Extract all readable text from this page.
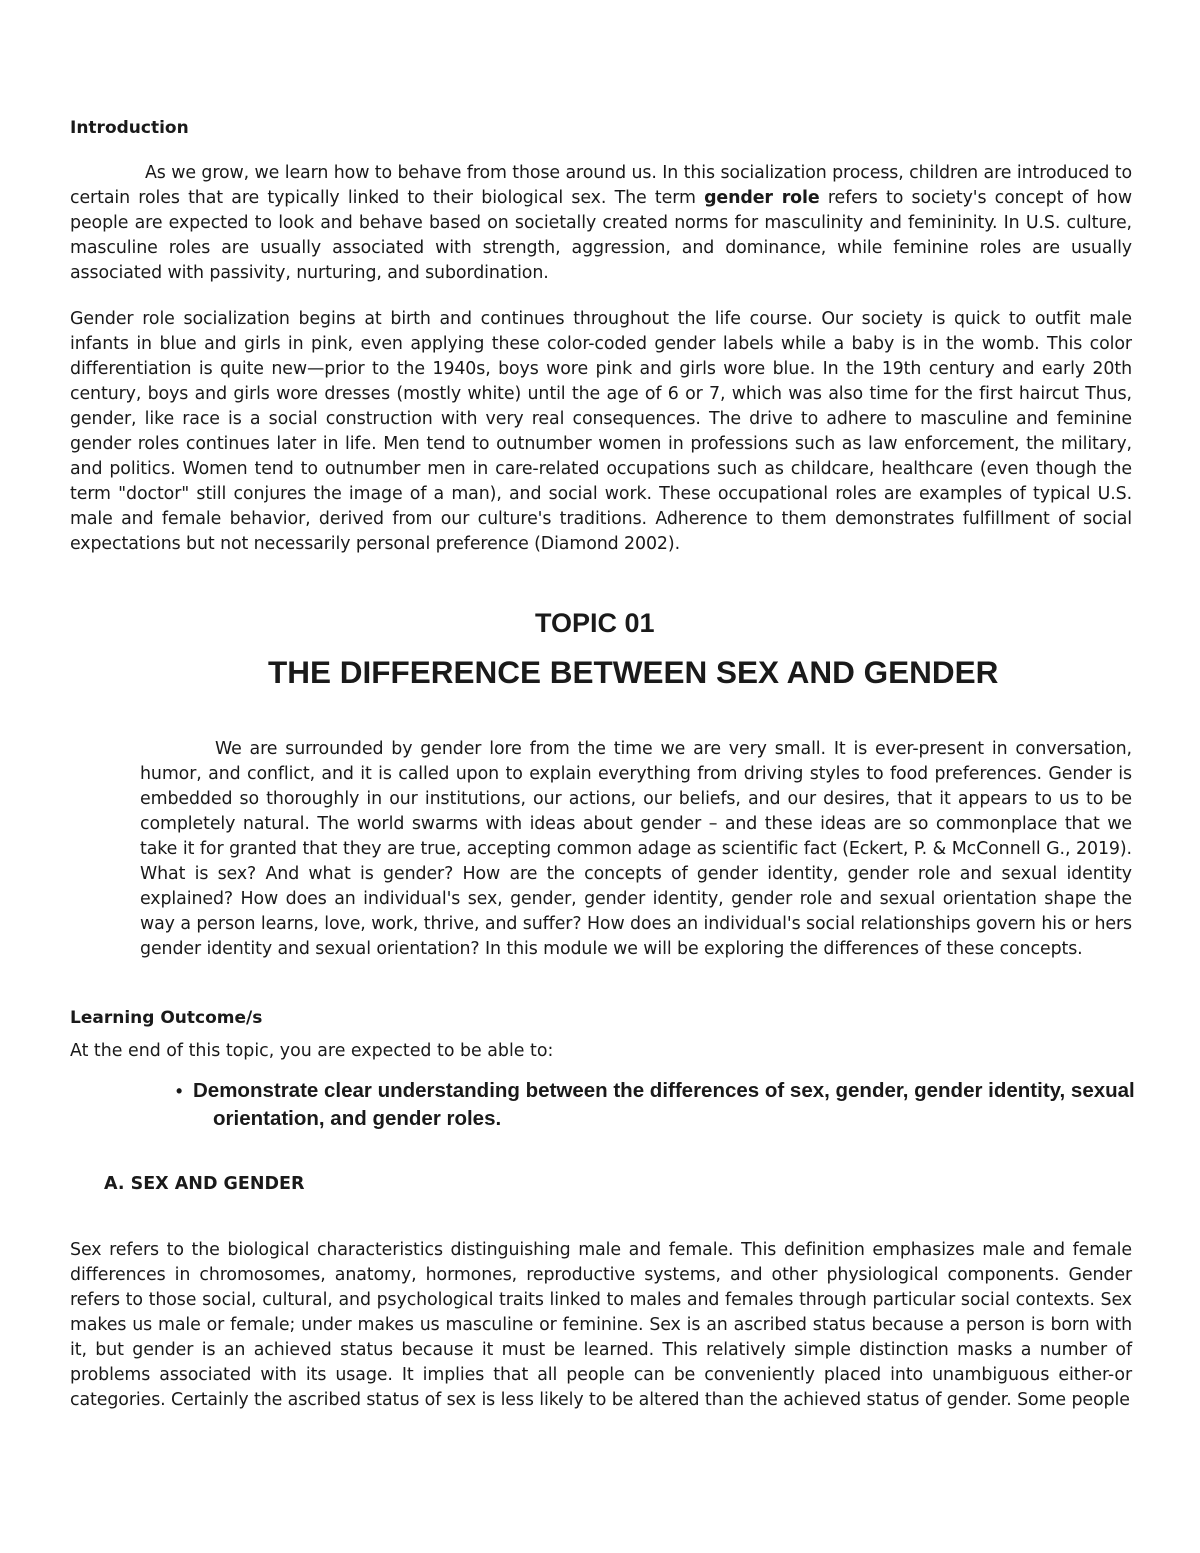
Introduction

As we grow, we learn how to behave from those around us. In this socialization process, children are introduced to certain roles that are typically linked to their biological sex. The term gender role refers to society's concept of how people are expected to look and behave based on societally created norms for masculinity and femininity. In U.S. culture, masculine roles are usually associated with strength, aggression, and dominance, while feminine roles are usually associated with passivity, nurturing, and subordination.

Gender role socialization begins at birth and continues throughout the life course. Our society is quick to outfit male infants in blue and girls in pink, even applying these color-coded gender labels while a baby is in the womb. This color differentiation is quite new—prior to the 1940s, boys wore pink and girls wore blue. In the 19th century and early 20th century, boys and girls wore dresses (mostly white) until the age of 6 or 7, which was also time for the first haircut Thus, gender, like race is a social construction with very real consequences. The drive to adhere to masculine and feminine gender roles continues later in life. Men tend to outnumber women in professions such as law enforcement, the military, and politics. Women tend to outnumber men in care-related occupations such as childcare, healthcare (even though the term "doctor" still conjures the image of a man), and social work. These occupational roles are examples of typical U.S. male and female behavior, derived from our culture's traditions. Adherence to them demonstrates fulfillment of social expectations but not necessarily personal preference (Diamond 2002).

TOPIC 01
THE DIFFERENCE BETWEEN SEX AND GENDER

We are surrounded by gender lore from the time we are very small. It is ever-present in conversation, humor, and conflict, and it is called upon to explain everything from driving styles to food preferences. Gender is embedded so thoroughly in our institutions, our actions, our beliefs, and our desires, that it appears to us to be completely natural. The world swarms with ideas about gender – and these ideas are so commonplace that we take it for granted that they are true, accepting common adage as scientific fact (Eckert, P. & McConnell G., 2019). What is sex? And what is gender? How are the concepts of gender identity, gender role and sexual identity explained? How does an individual's sex, gender, gender identity, gender role and sexual orientation shape the way a person learns, love, work, thrive, and suffer? How does an individual's social relationships govern his or hers gender identity and sexual orientation? In this module we will be exploring the differences of these concepts.

Learning Outcome/s
At the end of this topic, you are expected to be able to:
• Demonstrate clear understanding between the differences of sex, gender, gender identity, sexual
orientation, and gender roles.
A. SEX AND GENDER

Sex refers to the biological characteristics distinguishing male and female. This definition emphasizes male and female differences in chromosomes, anatomy, hormones, reproductive systems, and other physiological components. Gender refers to those social, cultural, and psychological traits linked to males and females through particular social contexts. Sex makes us male or female; under makes us masculine or feminine. Sex is an ascribed status because a person is born with it, but gender is an achieved status because it must be learned. This relatively simple distinction masks a number of problems associated with its usage. It implies that all people can be conveniently placed into unambiguous either-or categories. Certainly the ascribed status of sex is less likely to be altered than the achieved status of gender. Some people
